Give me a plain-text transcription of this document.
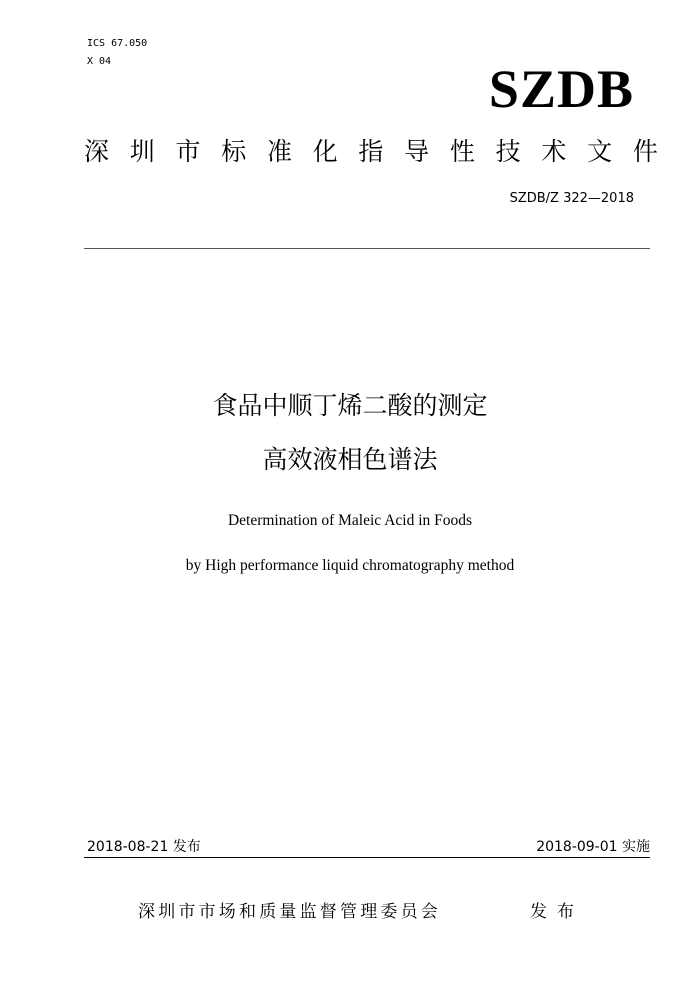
ICS 67.050
X 04	SZDB
深 圳 市 标 准 化 指 导 性 技 术 文 件
SZDB/Z 322—2018
食品中顺丁烯二酸的测定
高效液相色谱法
Determination of Maleic Acid in Foods
by High performance liquid chromatography method
2018-08-21 发布	2018-09-01 实施
深圳市市场和质量监督管理委员会	发布
